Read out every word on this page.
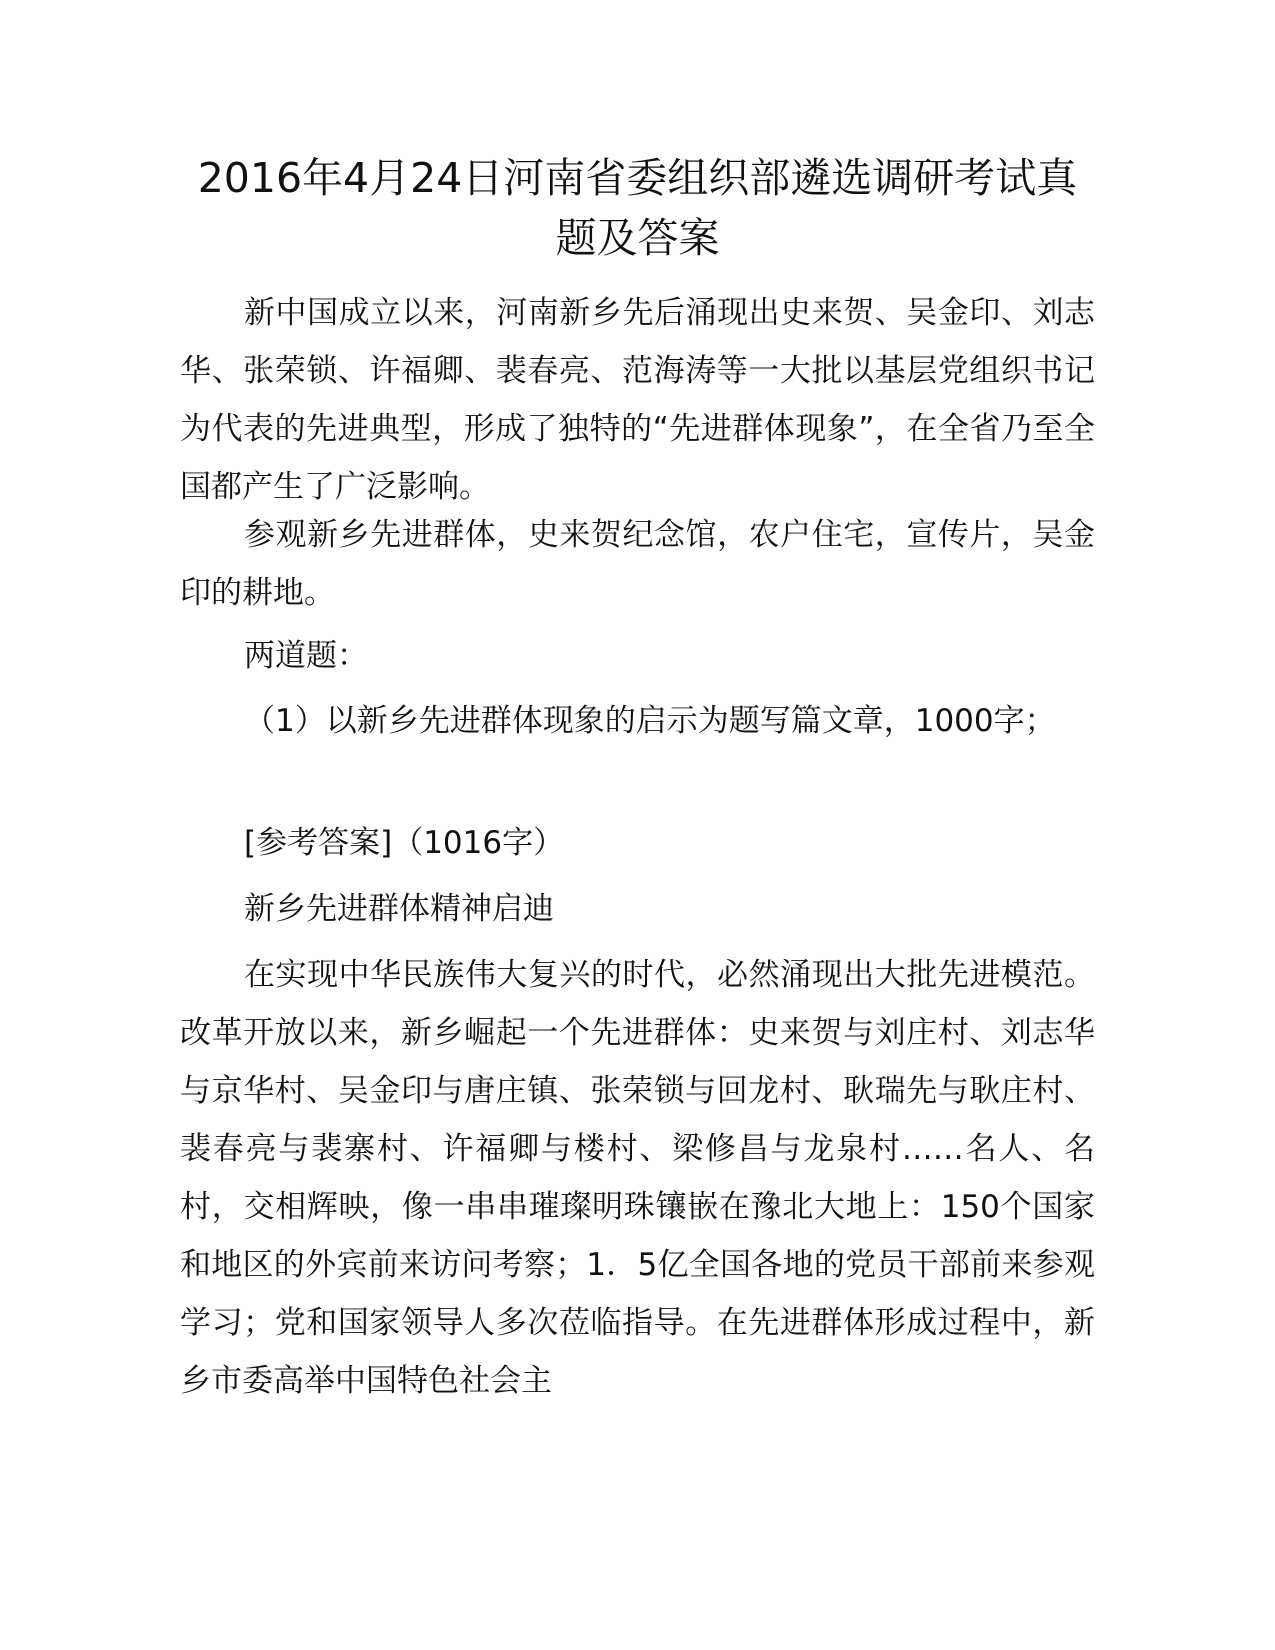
2016年4月24日河南省委组织部遴选调研考试真题及答案

新中国成立以来，河南新乡先后涌现出史来贺、吴金印、刘志华、张荣锁、许福卿、裴春亮、范海涛等一大批以基层党组织书记为代表的先进典型，形成了独特的“先进群体现象”，在全省乃至全国都产生了广泛影响。

参观新乡先进群体，史来贺纪念馆，农户住宅，宣传片，吴金印的耕地。

两道题：

（1）以新乡先进群体现象的启示为题写篇文章，1000字；

[参考答案]（1016字）

新乡先进群体精神启迪

在实现中华民族伟大复兴的时代，必然涌现出大批先进模范。改革开放以来，新乡崛起一个先进群体：史来贺与刘庄村、刘志华与京华村、吴金印与唐庄镇、张荣锁与回龙村、耿瑞先与耿庄村、裴春亮与裴寨村、许福卿与楼村、梁修昌与龙泉村……名人、名村，交相辉映，像一串串璀璨明珠镶嵌在豫北大地上：150个国家和地区的外宾前来访问考察；1．5亿全国各地的党员干部前来参观学习；党和国家领导人多次莅临指导。在先进群体形成过程中，新乡市委高举中国特色社会主
